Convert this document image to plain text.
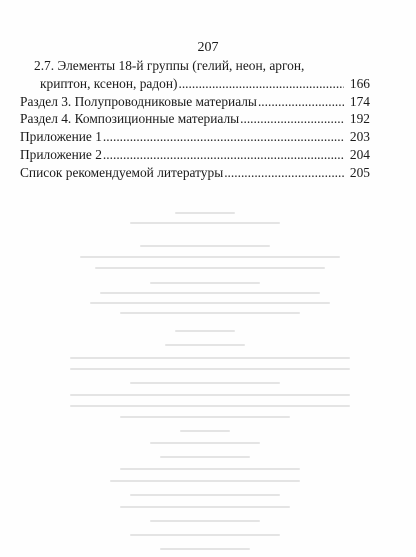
207
2.7. Элементы 18-й группы (гелий, неон, аргон,
криптон, ксенон, радон) .....	166
Раздел 3. Полупроводниковые материалы .....	174
Раздел 4. Композиционные материалы .....	192
Приложение 1 .....	203
Приложение 2 .....	204
Список рекомендуемой литературы .....	205
